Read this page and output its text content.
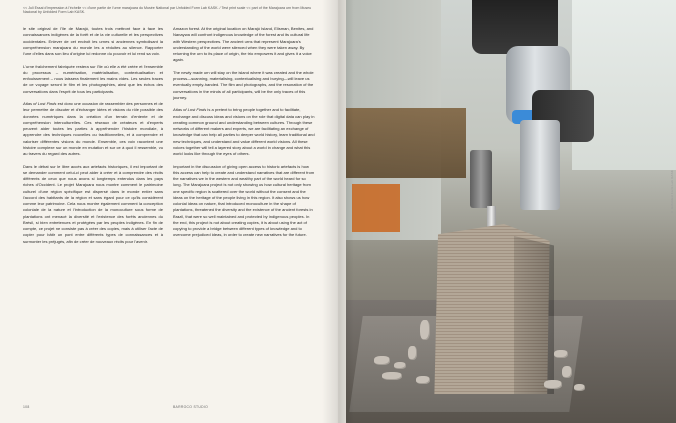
<< Juli Essai d'impression à l'échelle << d'une partie de l'urne marajoara du Musée National par Unfolded Form Lab KASK. / Test print scale << part of the Marajoara urn from Museu Nacional by Unfolded Form Lab KASK.

le site original de l'île de Marajó, toutes trois mettront face à face les connaissances indigènes de la forêt et de la vie culturelle et les perspectives occidentales. Enlever de cet endroit les urnes si anciennes symbolisant la compréhension marajoara du monde les a réduites au silence. Rapporter l'une d'elles dans son lieu d'origine lui redonne du pouvoir et lui rend sa voix.

L'urne fraîchement fabriquée restera sur l'île où elle a été créée et l'ensemble du processus – numérisation, matérialisation, contextualisation et enfouissement – nous laissera finalement les mains vides. Les seules traces de ce voyage seront le film et les photographies, ainsi que les échos des conversations dans l'esprit de tous les participants.

Atlas of Lost Finds est donc une occasion de rassembler des personnes et de leur permettre de discuter et d'échanger idées et visions du rôle possible des données numériques dans la création d'un terrain d'entente et de compréhension interculturelles. Ces réseaux de créateurs et d'experts peuvent aider toutes les parties à appréhender l'histoire mondiale, à apprendre des techniques nouvelles ou traditionnelles, et à comprendre et valoriser différentes visions du monde. Ensemble, ces voix racontent une histoire complexe sur un monde en mutation et sur ce à quoi il ressemble, vu au travers du regard des autres.

Dans le débat sur le libre accès aux artefacts historiques, il est important de se demander comment celui-ci peut aider à créer et à comprendre des récits différents de ceux que nous avons si longtemps entendus dans les pays riches d'Occident. Le projet Marajoara nous montre comment le patrimoine culturel d'une région spécifique est dispersé dans le monde entier sans l'accord des habitants de la région et sans égard pour ce qu'ils considèrent comme leur patrimoine. Cela nous montre également comment la conception coloniale de la nature et l'introduction de la monoculture sous forme de plantations ont menacé la diversité et l'existence des forêts anciennes du Brésil, si bien entretenues et protégées par les peuples indigènes. En fin de compte, ce projet ne consiste pas à créer des copies, mais à utiliser l'acte de copier pour bâtir un pont entre différents types de connaissances et à surmonter les préjugés, afin de créer de nouveaux récits pour l'avenir.

Amazon forest. At the original location on Marajó Island, Elisman, Benites, and Nanaywa will confront indigenous knowledge of the forest and its cultural life with Western perspectives. The ancient urns that represent Marajoara's understanding of the world were silenced when they were taken away. By returning the urn to its place of origin, the trio empowers it and gives it a voice again.

The newly made urn will stay on the island where it was created and the whole process—scanning, materialising, contextualising and burying—will leave us eventually empty-handed. The film and photographs, and the resonation of the conversations in the minds of all participants, will be the only traces of this journey.

Atlas of Lost Finds is a pretext to bring people together and to facilitate, exchange and discuss ideas and visions on the role that digital data can play in creating common ground and understanding between cultures. Through these networks of different makers and experts, we are facilitating an exchange of knowledge that can help all parties to deeper world history, learn traditional and new techniques, and understand and value different world visions. All these voices together will tell a layered story about a world in change and what this world looks like through the eyes of others.

Important in the discussion of giving open access to historic artefacts is how this access can help to create and understand narratives that are different from the narratives we in the western and wealthy part of the world heard for so long. The Marajoara project is not only showing us how cultural heritage from one specific region is scattered over the world without the consent and the ideas on the heritage of the people living in this region. It also shows us how colonial ideas on nature, that introduced monoculture in the shape of plantations, threatened the diversity and the existence of the ancient forests in Brazil, that were so well maintained and protected by indigenous peoples. In the end, this project is not about creating copies, it is about using the act of copying to provide a bridge between different types of knowledge and to overcome prejudiced ideas, in order to create new narratives for the future.

108	BARROCO STUDIO
© Unfolded Form Lab KASK
